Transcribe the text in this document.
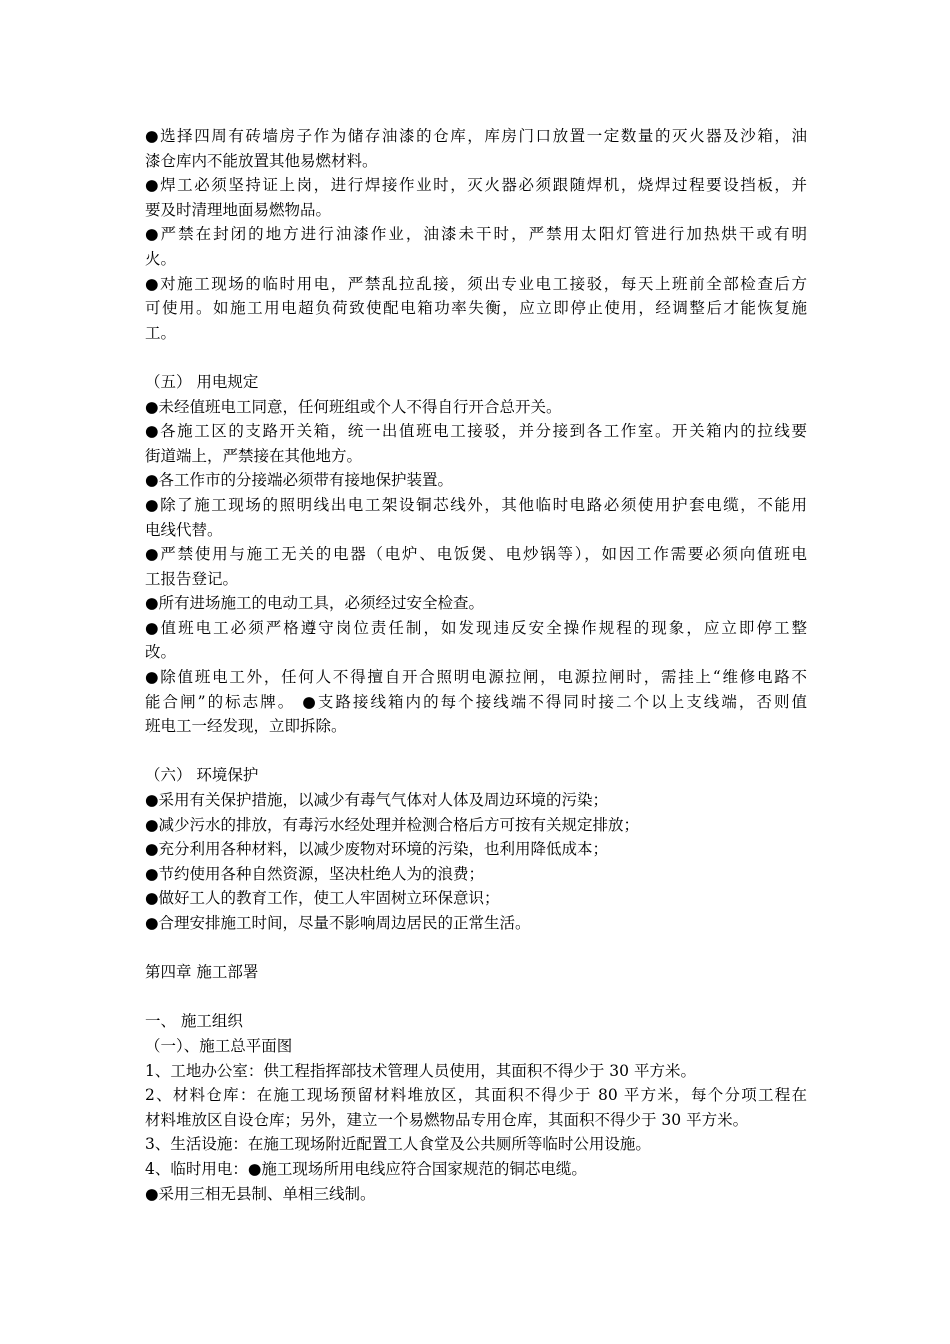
●选择四周有砖墙房子作为储存油漆的仓库，库房门口放置一定数量的灭火器及沙箱，油
漆仓库内不能放置其他易燃材料。
●焊工必须坚持证上岗，进行焊接作业时，灭火器必须跟随焊机，烧焊过程要设挡板，并
要及时清理地面易燃物品。
●严禁在封闭的地方进行油漆作业，油漆未干时，严禁用太阳灯管进行加热烘干或有明
火。
●对施工现场的临时用电，严禁乱拉乱接，须出专业电工接驳，每天上班前全部检查后方
可使用。如施工用电超负荷致使配电箱功率失衡，应立即停止使用，经调整后才能恢复施
工。
（五） 用电规定
●未经值班电工同意，任何班组或个人不得自行开合总开关。
●各施工区的支路开关箱，统一出值班电工接驳，并分接到各工作室。开关箱内的拉线要
街道端上，严禁接在其他地方。
●各工作市的分接端必须带有接地保护装置。
●除了施工现场的照明线出电工架设铜芯线外，其他临时电路必须使用护套电缆，不能用
电线代替。
●严禁使用与施工无关的电器（电炉、电饭煲、电炒锅等），如因工作需要必须向值班电
工报告登记。
●所有进场施工的电动工具，必须经过安全检查。
●值班电工必须严格遵守岗位责任制，如发现违反安全操作规程的现象，应立即停工整
改。
●除值班电工外，任何人不得擅自开合照明电源拉闸，电源拉闸时，需挂上“维修电路不
能合闸”的标志牌。 ●支路接线箱内的每个接线端不得同时接二个以上支线端，否则值
班电工一经发现，立即拆除。
（六） 环境保护
●采用有关保护措施，以减少有毒气气体对人体及周边环境的污染；
●减少污水的排放，有毒污水经处理并检测合格后方可按有关规定排放；
●充分利用各种材料，以减少废物对环境的污染，也利用降低成本；
●节约使用各种自然资源，坚决杜绝人为的浪费；
●做好工人的教育工作，使工人牢固树立环保意识；
●合理安排施工时间，尽量不影响周边居民的正常生活。
第四章 施工部署
一、 施工组织
（一）、施工总平面图
1、工地办公室：供工程指挥部技术管理人员使用，其面积不得少于 30 平方米。
2、材料仓库：在施工现场预留材料堆放区，其面积不得少于 80 平方米，每个分项工程在
材料堆放区自设仓库；另外，建立一个易燃物品专用仓库，其面积不得少于 30 平方米。
3、生活设施：在施工现场附近配置工人食堂及公共厕所等临时公用设施。
4、临时用电：●施工现场所用电线应符合国家规范的铜芯电缆。
●采用三相无县制、单相三线制。
